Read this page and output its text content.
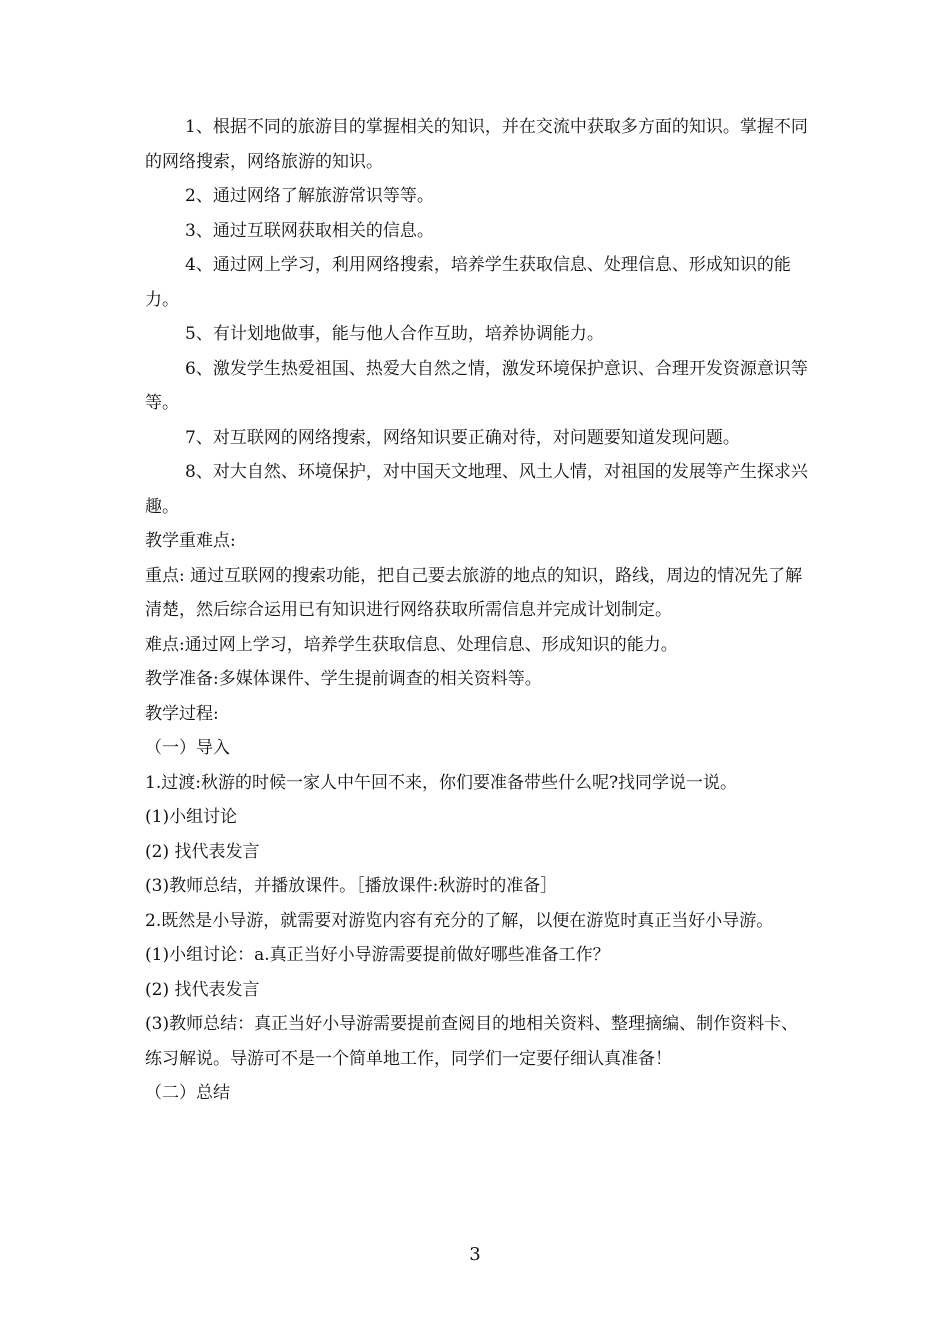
1、根据不同的旅游目的掌握相关的知识，并在交流中获取多方面的知识。掌握不同的网络搜索，网络旅游的知识。

2、通过网络了解旅游常识等等。

3、通过互联网获取相关的信息。

4、通过网上学习，利用网络搜索，培养学生获取信息、处理信息、形成知识的能力。

5、有计划地做事，能与他人合作互助，培养协调能力。

6、激发学生热爱祖国、热爱大自然之情，激发环境保护意识、合理开发资源意识等等。

7、对互联网的网络搜索，网络知识要正确对待，对问题要知道发现问题。

8、对大自然、环境保护，对中国天文地理、风土人情，对祖国的发展等产生探求兴趣。

教学重难点:

重点: 通过互联网的搜索功能，把自己要去旅游的地点的知识，路线，周边的情况先了解清楚，然后综合运用已有知识进行网络获取所需信息并完成计划制定。

难点:通过网上学习，培养学生获取信息、处理信息、形成知识的能力。

教学准备:多媒体课件、学生提前调查的相关资料等。

教学过程:

（一）导入

1.过渡:秋游的时候一家人中午回不来，你们要准备带些什么呢?找同学说一说。

(1)小组讨论

(2) 找代表发言

(3)教师总结，并播放课件。［播放课件:秋游时的准备］

2.既然是小导游，就需要对游览内容有充分的了解，以便在游览时真正当好小导游。

(1)小组讨论：a.真正当好小导游需要提前做好哪些准备工作？

(2) 找代表发言

(3)教师总结：真正当好小导游需要提前查阅目的地相关资料、整理摘编、制作资料卡、练习解说。导游可不是一个简单地工作，同学们一定要仔细认真准备！

（二）总结

3
